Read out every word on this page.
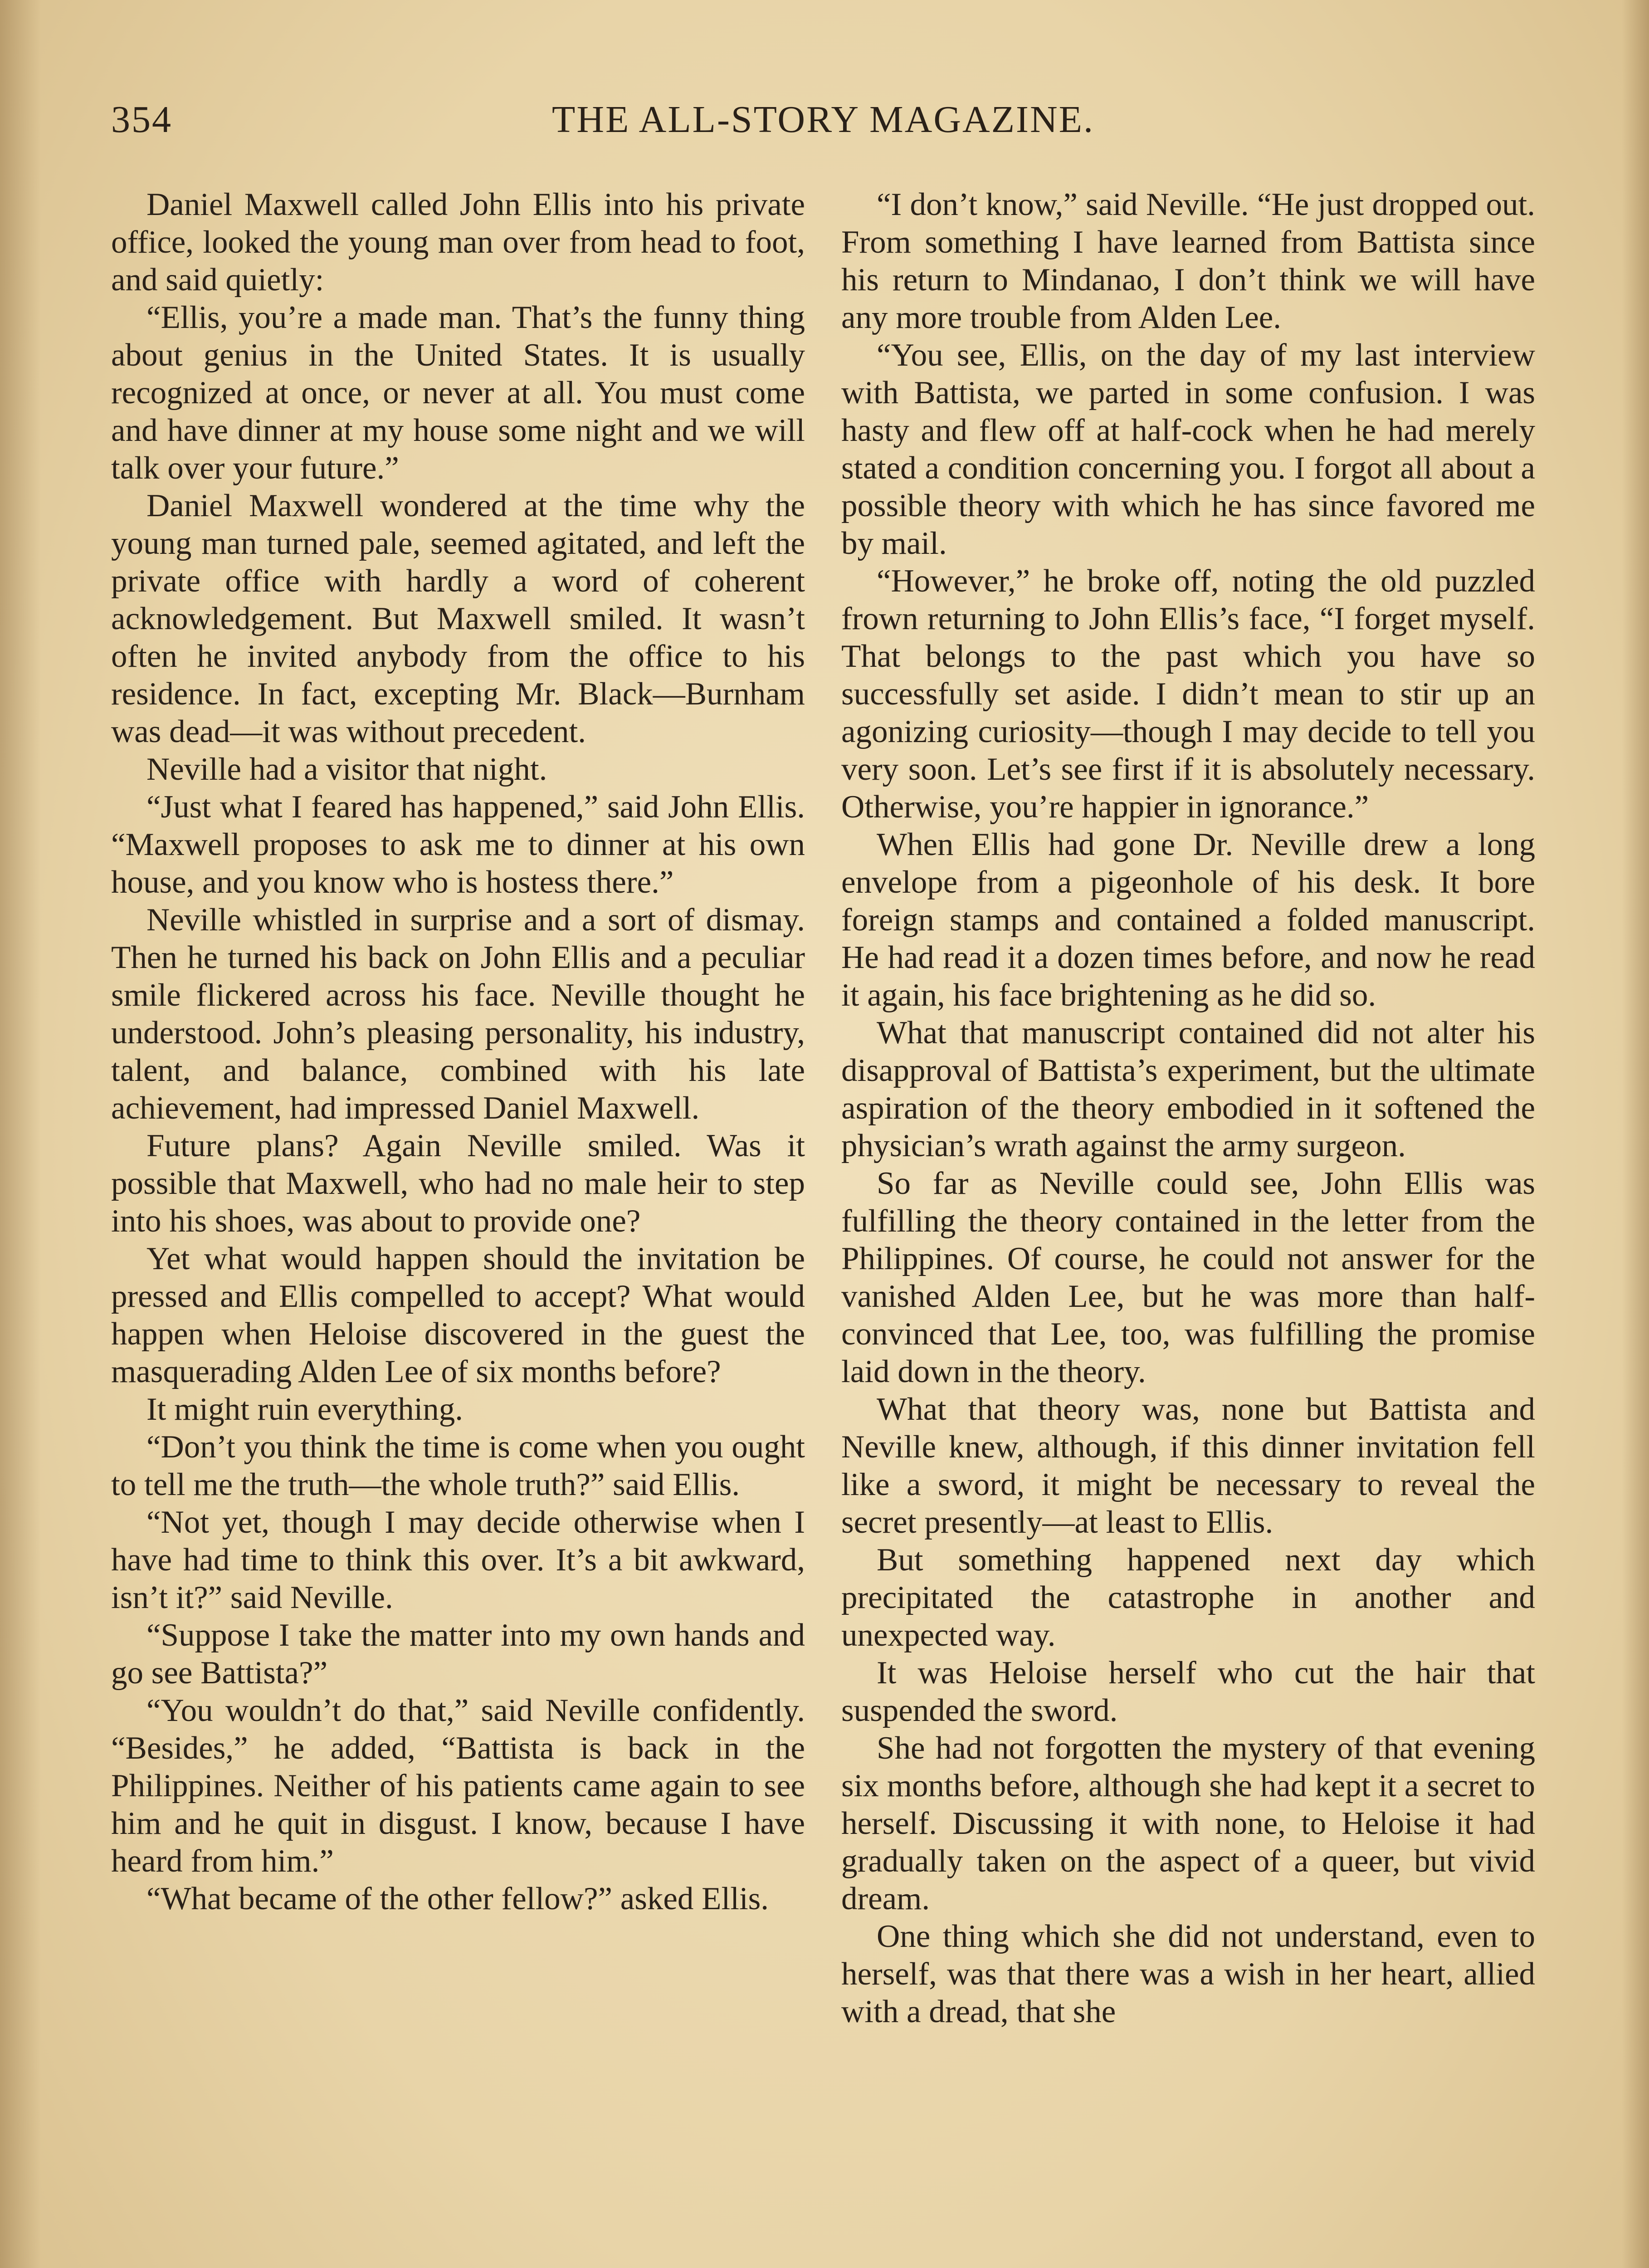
THE ALL-STORY MAGAZINE.
354

Daniel Maxwell called John Ellis into his private office, looked the young man over from head to foot, and said quietly:

“Ellis, you’re a made man. That’s the funny thing about genius in the United States. It is usually recognized at once, or never at all. You must come and have dinner at my house some night and we will talk over your future.”

Daniel Maxwell wondered at the time why the young man turned pale, seemed agitated, and left the private office with hardly a word of coherent acknowledgement. But Maxwell smiled. It wasn’t often he invited anybody from the office to his residence. In fact, excepting Mr. Black—Burnham was dead—it was without precedent.

Neville had a visitor that night.

“Just what I feared has happened,” said John Ellis. “Maxwell proposes to ask me to dinner at his own house, and you know who is hostess there.”

Neville whistled in surprise and a sort of dismay. Then he turned his back on John Ellis and a peculiar smile flickered across his face. Neville thought he understood. John’s pleasing personality, his industry, talent, and balance, combined with his late achievement, had impressed Daniel Maxwell.

Future plans? Again Neville smiled. Was it possible that Maxwell, who had no male heir to step into his shoes, was about to provide one?

Yet what would happen should the invitation be pressed and Ellis compelled to accept? What would happen when Heloise discovered in the guest the masquerading Alden Lee of six months before?

It might ruin everything.

“Don’t you think the time is come when you ought to tell me the truth—the whole truth?” said Ellis.

“Not yet, though I may decide otherwise when I have had time to think this over. It’s a bit awkward, isn’t it?” said Neville.

“Suppose I take the matter into my own hands and go see Battista?”

“You wouldn’t do that,” said Neville confidently. “Besides,” he added, “Battista is back in the Philippines. Neither of his patients came again to see him and he quit in disgust. I know, because I have heard from him.”

“What became of the other fellow?” asked Ellis.

“I don’t know,” said Neville. “He just dropped out. From something I have learned from Battista since his return to Mindanao, I don’t think we will have any more trouble from Alden Lee.

“You see, Ellis, on the day of my last interview with Battista, we parted in some confusion. I was hasty and flew off at half-cock when he had merely stated a condition concerning you. I forgot all about a possible theory with which he has since favored me by mail.

“However,” he broke off, noting the old puzzled frown returning to John Ellis’s face, “I forget myself. That belongs to the past which you have so successfully set aside. I didn’t mean to stir up an agonizing curiosity—though I may decide to tell you very soon. Let’s see first if it is absolutely necessary. Otherwise, you’re happier in ignorance.”

When Ellis had gone Dr. Neville drew a long envelope from a pigeonhole of his desk. It bore foreign stamps and contained a folded manuscript. He had read it a dozen times before, and now he read it again, his face brightening as he did so.

What that manuscript contained did not alter his disapproval of Battista’s experiment, but the ultimate aspiration of the theory embodied in it softened the physician’s wrath against the army surgeon.

So far as Neville could see, John Ellis was fulfilling the theory contained in the letter from the Philippines. Of course, he could not answer for the vanished Alden Lee, but he was more than half-convinced that Lee, too, was fulfilling the promise laid down in the theory.

What that theory was, none but Battista and Neville knew, although, if this dinner invitation fell like a sword, it might be necessary to reveal the secret presently—at least to Ellis.

But something happened next day which precipitated the catastrophe in another and unexpected way.

It was Heloise herself who cut the hair that suspended the sword.

She had not forgotten the mystery of that evening six months before, although she had kept it a secret to herself. Discussing it with none, to Heloise it had gradually taken on the aspect of a queer, but vivid dream.

One thing which she did not understand, even to herself, was that there was a wish in her heart, allied with a dread, that she
